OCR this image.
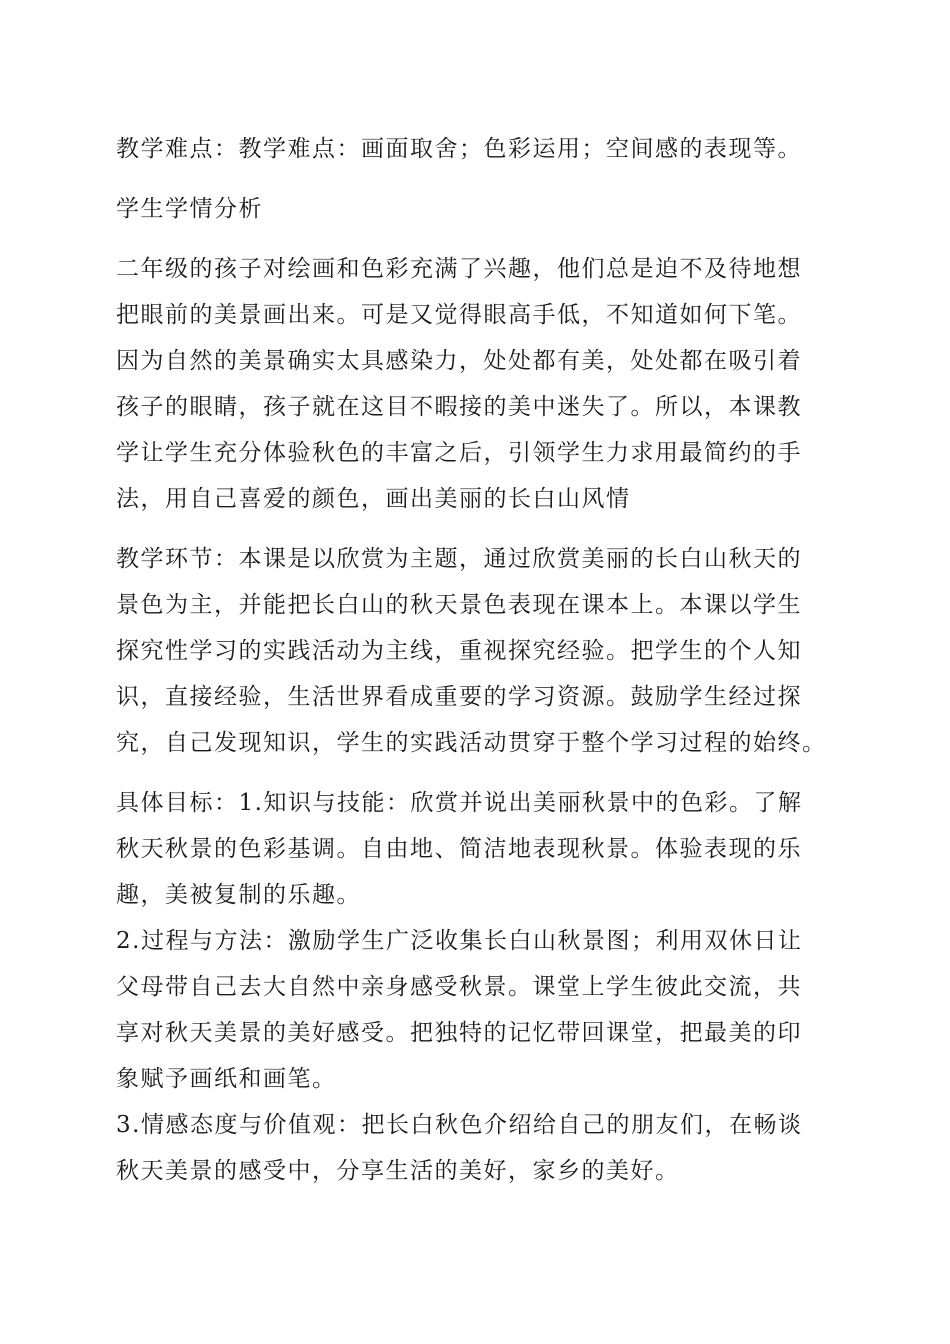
教学难点：教学难点：画面取舍；色彩运用；空间感的表现等。

学生学情分析

二年级的孩子对绘画和色彩充满了兴趣，他们总是迫不及待地想
把眼前的美景画出来。可是又觉得眼高手低，不知道如何下笔。
因为自然的美景确实太具感染力，处处都有美，处处都在吸引着
孩子的眼睛，孩子就在这目不暇接的美中迷失了。所以，本课教
学让学生充分体验秋色的丰富之后，引领学生力求用最简约的手
法，用自己喜爱的颜色，画出美丽的长白山风情

教学环节：本课是以欣赏为主题，通过欣赏美丽的长白山秋天的
景色为主，并能把长白山的秋天景色表现在课本上。本课以学生
探究性学习的实践活动为主线，重视探究经验。把学生的个人知
识，直接经验，生活世界看成重要的学习资源。鼓励学生经过探
究，自己发现知识，学生的实践活动贯穿于整个学习过程的始终。

具体目标：1.知识与技能：欣赏并说出美丽秋景中的色彩。了解
秋天秋景的色彩基调。自由地、简洁地表现秋景。体验表现的乐
趣，美被复制的乐趣。

2.过程与方法：激励学生广泛收集长白山秋景图；利用双休日让
父母带自己去大自然中亲身感受秋景。课堂上学生彼此交流，共
享对秋天美景的美好感受。把独特的记忆带回课堂，把最美的印
象赋予画纸和画笔。

3.情感态度与价值观：把长白秋色介绍给自己的朋友们，在畅谈
秋天美景的感受中，分享生活的美好，家乡的美好。
